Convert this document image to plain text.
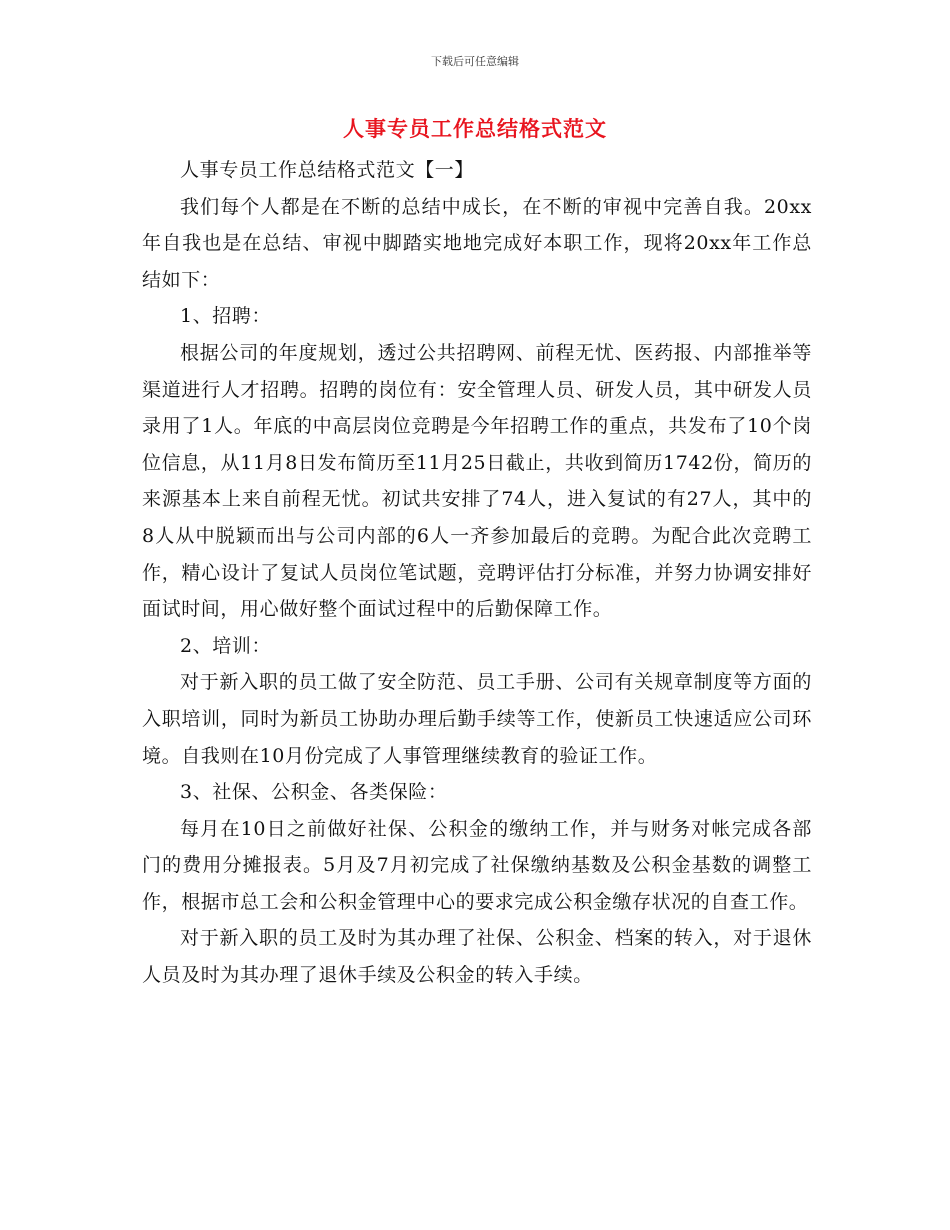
下载后可任意编辑
人事专员工作总结格式范文

人事专员工作总结格式范文【一】

我们每个人都是在不断的总结中成长，在不断的审视中完善自我。20xx年自我也是在总结、审视中脚踏实地地完成好本职工作，现将20xx年工作总结如下：

1、招聘：

根据公司的年度规划，透过公共招聘网、前程无忧、医药报、内部推举等渠道进行人才招聘。招聘的岗位有：安全管理人员、研发人员，其中研发人员录用了1人。年底的中高层岗位竞聘是今年招聘工作的重点，共发布了10个岗位信息，从11月8日发布简历至11月25日截止，共收到简历1742份，简历的来源基本上来自前程无忧。初试共安排了74人，进入复试的有27人，其中的8人从中脱颖而出与公司内部的6人一齐参加最后的竞聘。为配合此次竞聘工作，精心设计了复试人员岗位笔试题，竞聘评估打分标准，并努力协调安排好面试时间，用心做好整个面试过程中的后勤保障工作。

2、培训：

对于新入职的员工做了安全防范、员工手册、公司有关规章制度等方面的入职培训，同时为新员工协助办理后勤手续等工作，使新员工快速适应公司环境。自我则在10月份完成了人事管理继续教育的验证工作。

3、社保、公积金、各类保险：

每月在10日之前做好社保、公积金的缴纳工作，并与财务对帐完成各部门的费用分摊报表。5月及7月初完成了社保缴纳基数及公积金基数的调整工作，根据市总工会和公积金管理中心的要求完成公积金缴存状况的自查工作。

对于新入职的员工及时为其办理了社保、公积金、档案的转入，对于退休人员及时为其办理了退休手续及公积金的转入手续。
